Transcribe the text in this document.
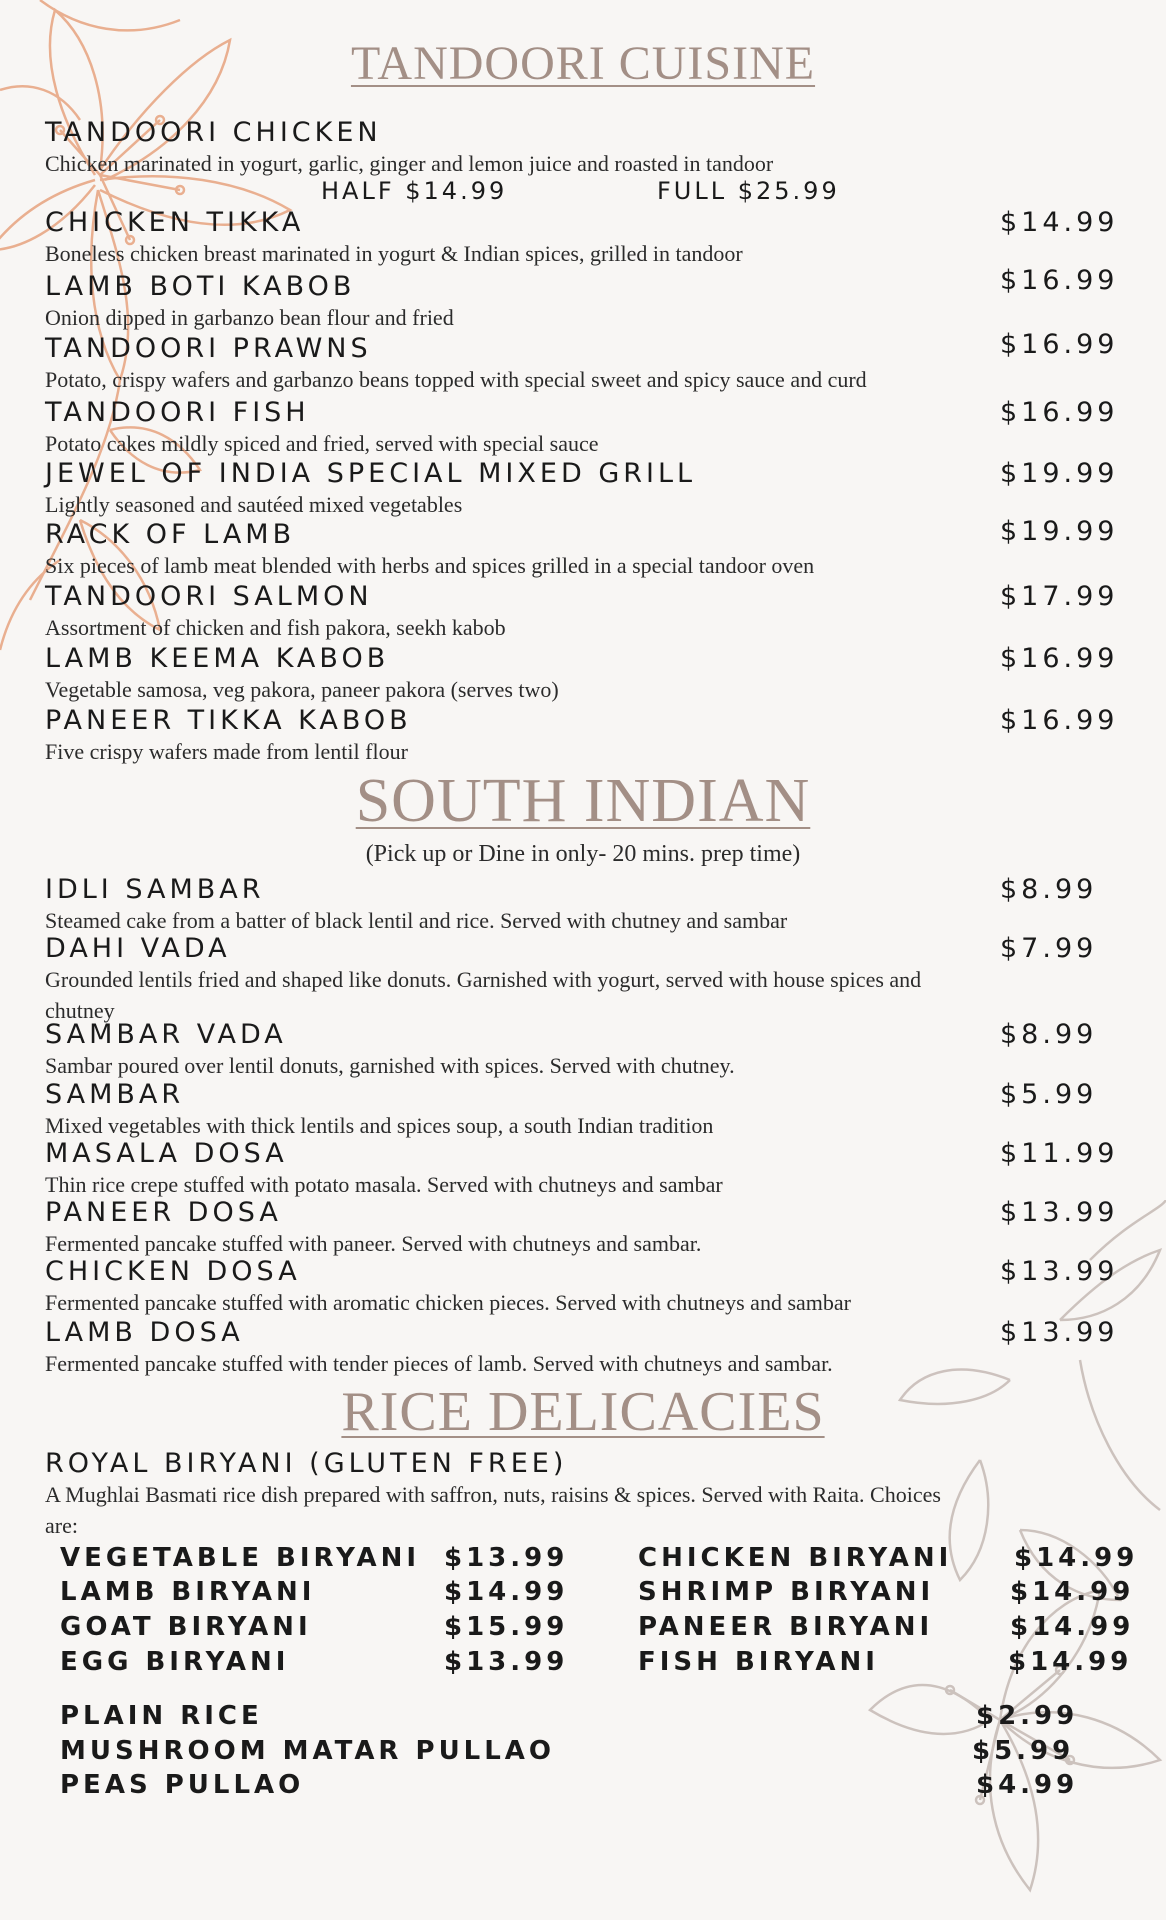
TANDOORI CUISINE
TANDOORI CHICKEN
Chicken marinated in yogurt, garlic, ginger and lemon juice and roasted in tandoor
HALF $14.99	FULL $25.99
CHICKEN TIKKA
Boneless chicken breast marinated in yogurt & Indian spices, grilled in tandoor
$14.99
LAMB BOTI KABOB
Onion dipped in garbanzo bean flour and fried
$16.99
TANDOORI PRAWNS
Potato, crispy wafers and garbanzo beans topped with special sweet and spicy sauce and curd
$16.99
TANDOORI FISH
Potato cakes mildly spiced and fried, served with special sauce
$16.99
JEWEL OF INDIA SPECIAL MIXED GRILL
Lightly seasoned and sautéed mixed vegetables
$19.99
RACK OF LAMB
Six pieces of lamb meat blended with herbs and spices grilled in a special tandoor oven
$19.99
TANDOORI SALMON
Assortment of chicken and fish pakora, seekh kabob
$17.99
LAMB KEEMA KABOB
Vegetable samosa, veg pakora, paneer pakora (serves two)
$16.99
PANEER TIKKA KABOB
Five crispy wafers made from lentil flour
$16.99
SOUTH INDIAN
(Pick up or Dine in only- 20 mins. prep time)
IDLI SAMBAR
Steamed cake from a batter of black lentil and rice. Served with chutney and sambar
$8.99
DAHI VADA
Grounded lentils fried and shaped like donuts. Garnished with yogurt, served with house spices and chutney
$7.99
SAMBAR VADA
Sambar poured over lentil donuts, garnished with spices. Served with chutney.
$8.99
SAMBAR
Mixed vegetables with thick lentils and spices soup, a south Indian tradition
$5.99
MASALA DOSA
Thin rice crepe stuffed with potato masala. Served with chutneys and sambar
$11.99
PANEER DOSA
Fermented pancake stuffed with paneer. Served with chutneys and sambar.
$13.99
CHICKEN DOSA
Fermented pancake stuffed with aromatic chicken pieces. Served with chutneys and sambar
$13.99
LAMB DOSA
Fermented pancake stuffed with tender pieces of lamb. Served with chutneys and sambar.
$13.99
RICE DELICACIES
ROYAL BIRYANI (GLUTEN FREE)
A Mughlai Basmati rice dish prepared with saffron, nuts, raisins & spices. Served with Raita. Choices are:
VEGETABLE BIRYANI $13.99
LAMB BIRYANI	$14.99
GOAT BIRYANI	$15.99
EGG BIRYANI	$13.99
CHICKEN BIRYANI $14.99
SHRIMP BIRYANI	$14.99
PANEER BIRYANI	$14.99
FISH BIRYANI	$14.99
PLAIN RICE	$2.99
MUSHROOM MATAR PULLAO	$5.99
PEAS PULLAO	$4.99
